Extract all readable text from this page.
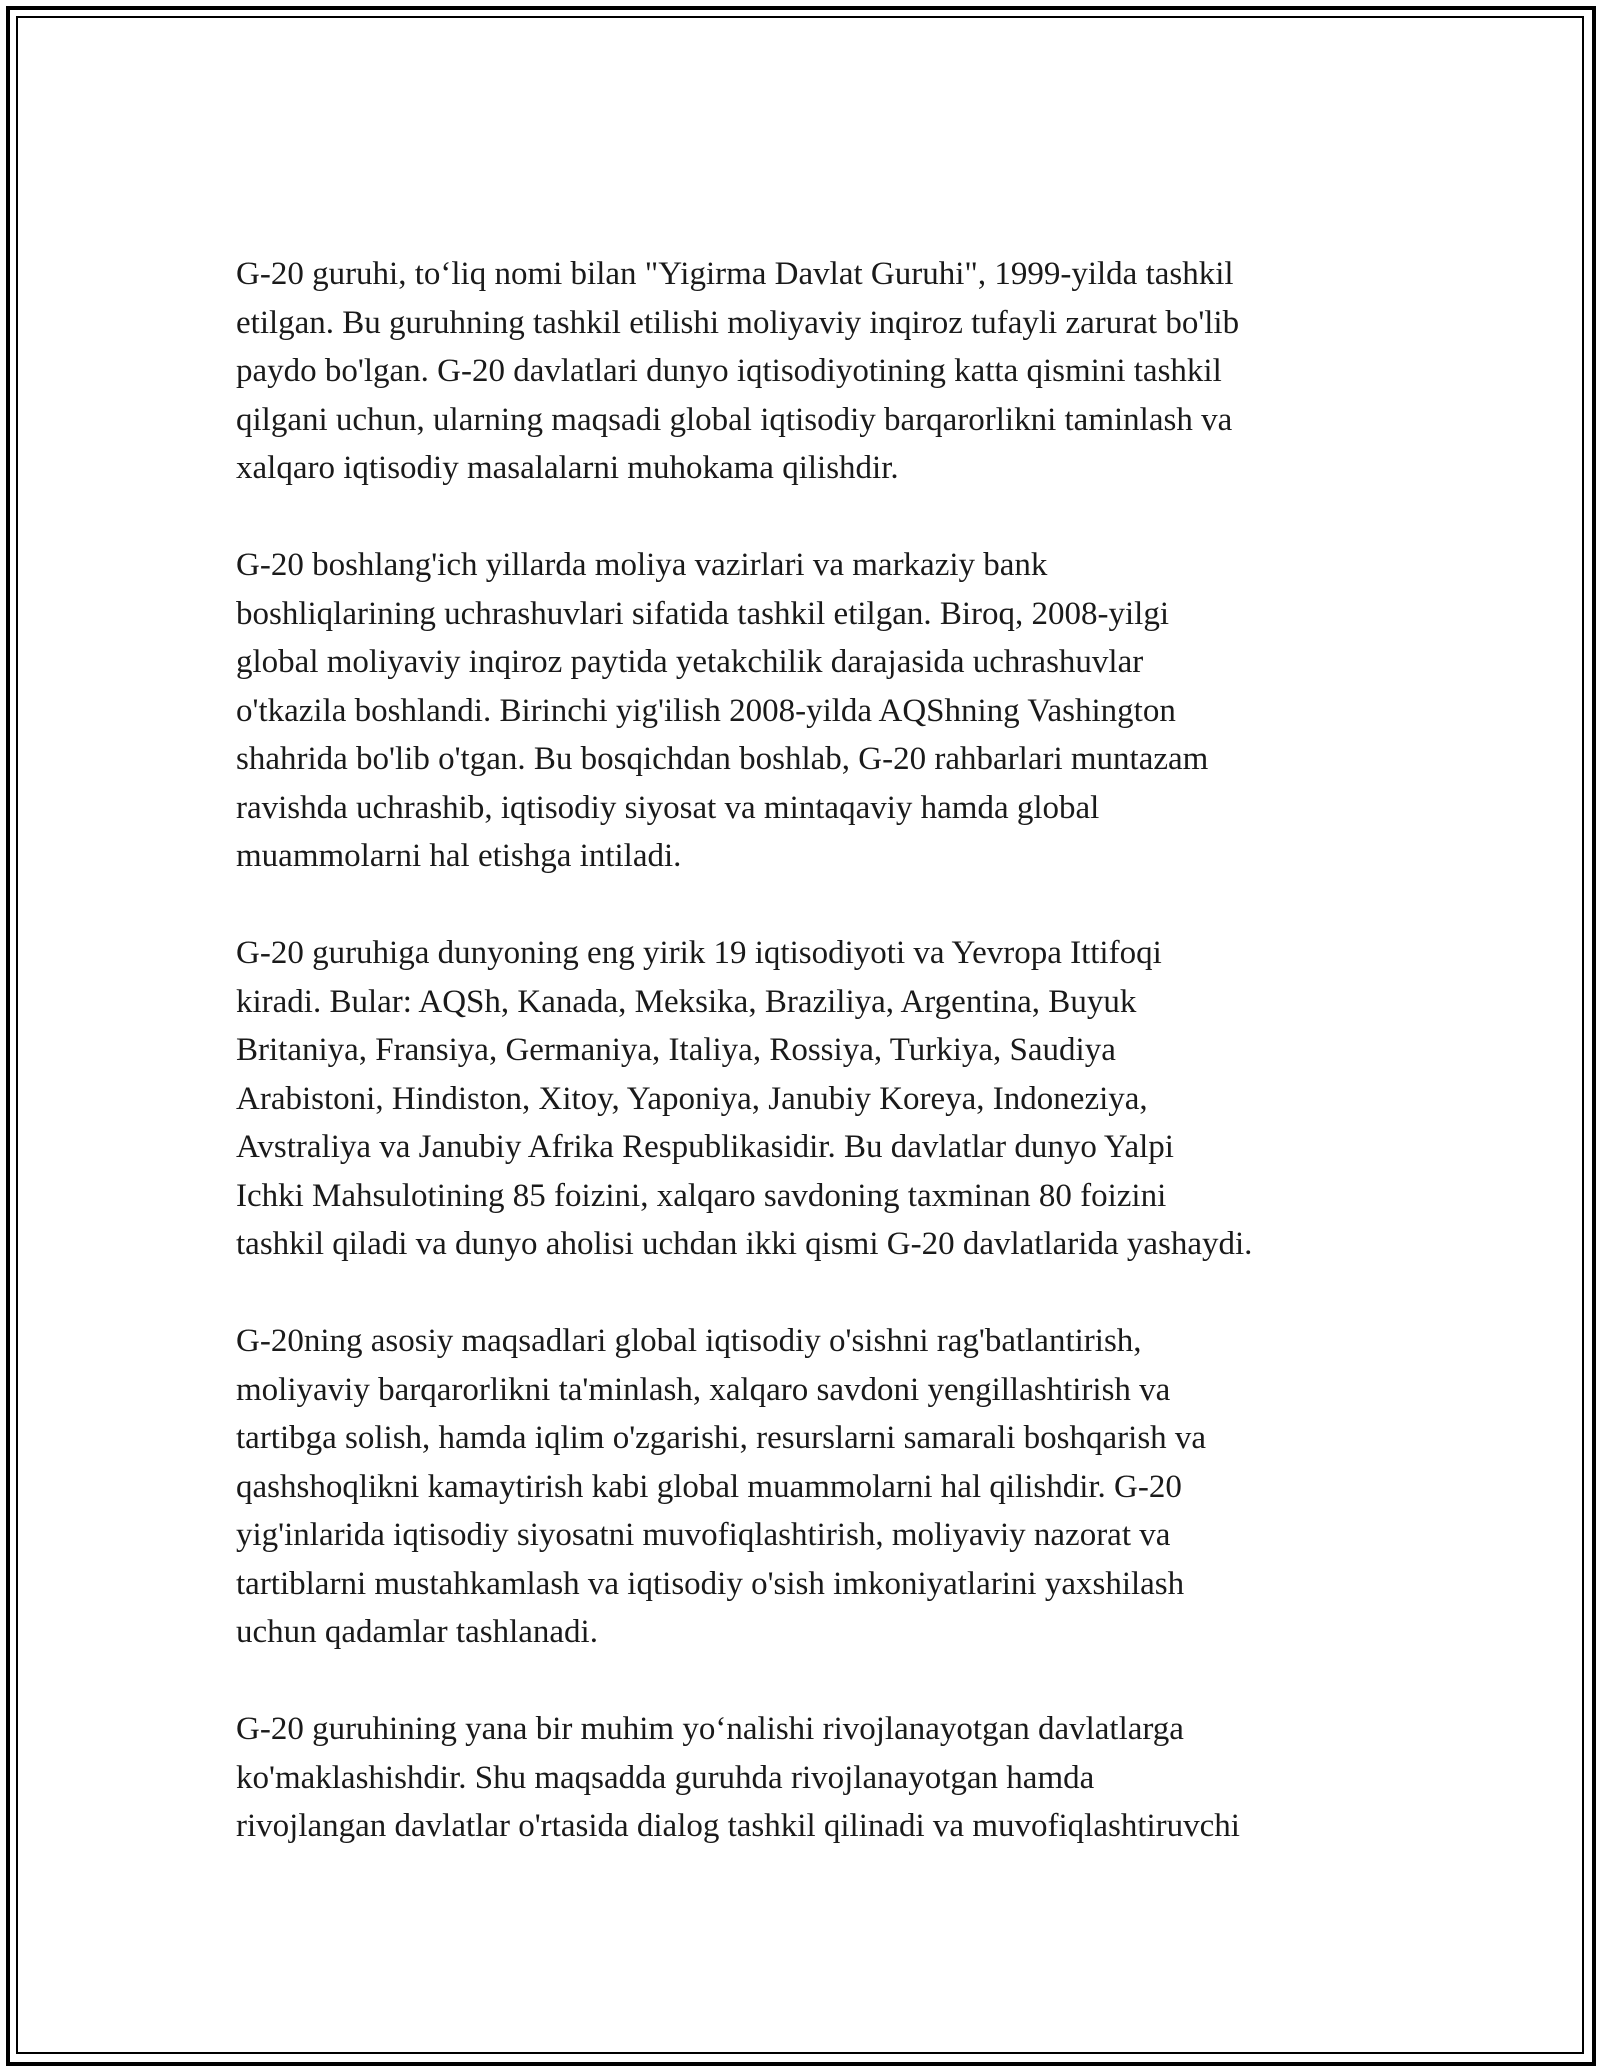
G-20 guruhi, to‘liq nomi bilan "Yigirma Davlat Guruhi", 1999-yilda tashkil
etilgan. Bu guruhning tashkil etilishi moliyaviy inqiroz tufayli zarurat bo'lib
paydo bo'lgan. G-20 davlatlari dunyo iqtisodiyotining katta qismini tashkil
qilgani uchun, ularning maqsadi global iqtisodiy barqarorlikni taminlash va
xalqaro iqtisodiy masalalarni muhokama qilishdir.

G-20 boshlang'ich yillarda moliya vazirlari va markaziy bank
boshliqlarining uchrashuvlari sifatida tashkil etilgan. Biroq, 2008-yilgi
global moliyaviy inqiroz paytida yetakchilik darajasida uchrashuvlar
o'tkazila boshlandi. Birinchi yig'ilish 2008-yilda AQShning Vashington
shahrida bo'lib o'tgan. Bu bosqichdan boshlab, G-20 rahbarlari muntazam
ravishda uchrashib, iqtisodiy siyosat va mintaqaviy hamda global
muammolarni hal etishga intiladi.

G-20 guruhiga dunyoning eng yirik 19 iqtisodiyoti va Yevropa Ittifoqi
kiradi. Bular: AQSh, Kanada, Meksika, Braziliya, Argentina, Buyuk
Britaniya, Fransiya, Germaniya, Italiya, Rossiya, Turkiya, Saudiya
Arabistoni, Hindiston, Xitoy, Yaponiya, Janubiy Koreya, Indoneziya,
Avstraliya va Janubiy Afrika Respublikasidir. Bu davlatlar dunyo Yalpi
Ichki Mahsulotining 85 foizini, xalqaro savdoning taxminan 80 foizini
tashkil qiladi va dunyo aholisi uchdan ikki qismi G-20 davlatlarida yashaydi.

G-20ning asosiy maqsadlari global iqtisodiy o'sishni rag'batlantirish,
moliyaviy barqarorlikni ta'minlash, xalqaro savdoni yengillashtirish va
tartibga solish, hamda iqlim o'zgarishi, resurslarni samarali boshqarish va
qashshoqlikni kamaytirish kabi global muammolarni hal qilishdir. G-20
yig'inlarida iqtisodiy siyosatni muvofiqlashtirish, moliyaviy nazorat va
tartiblarni mustahkamlash va iqtisodiy o'sish imkoniyatlarini yaxshilash
uchun qadamlar tashlanadi.

G-20 guruhining yana bir muhim yo‘nalishi rivojlanayotgan davlatlarga
ko'maklashishdir. Shu maqsadda guruhda rivojlanayotgan hamda
rivojlangan davlatlar o'rtasida dialog tashkil qilinadi va muvofiqlashtiruvchi
